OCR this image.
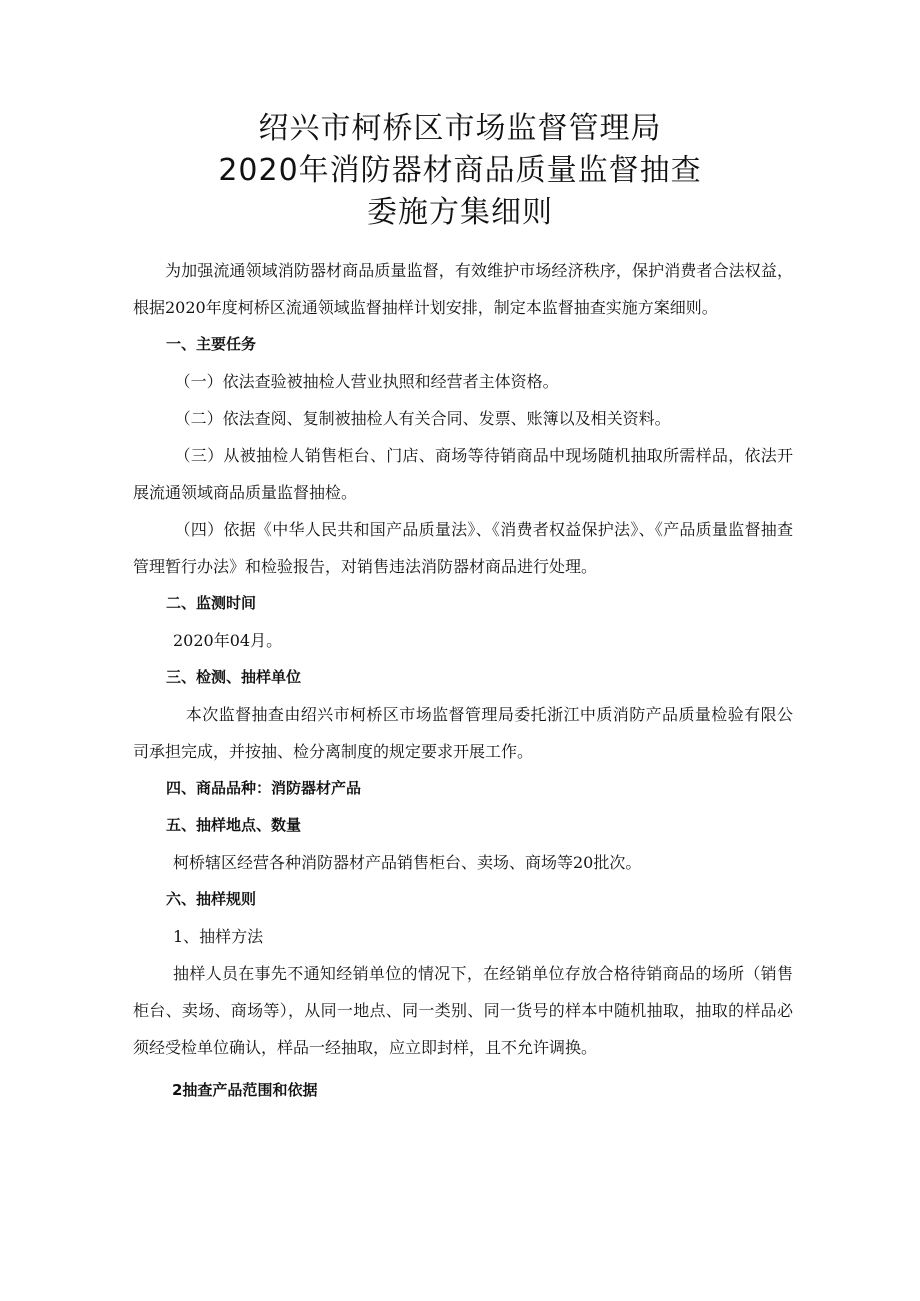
绍兴市柯桥区市场监督管理局
2020年消防器材商品质量监督抽查
委施方集细则

为加强流通领域消防器材商品质量监督，有效维护市场经济秩序，保护消费者合法权益，根据2020年度柯桥区流通领域监督抽样计划安排，制定本监督抽查实施方案细则。

一、主要任务

（一）依法查验被抽检人营业执照和经营者主体资格。

（二）依法查阅、复制被抽检人有关合同、发票、账簿以及相关资料。

（三）从被抽检人销售柜台、门店、商场等待销商品中现场随机抽取所需样品，依法开展流通领域商品质量监督抽检。

（四）依据《中华人民共和国产品质量法》、《消费者权益保护法》、《产品质量监督抽查管理暂行办法》和检验报告，对销售违法消防器材商品进行处理。

二、监测时间

2020年04月。

三、检测、抽样单位

本次监督抽查由绍兴市柯桥区市场监督管理局委托浙江中质消防产品质量检验有限公司承担完成，并按抽、检分离制度的规定要求开展工作。

四、商品品种：消防器材产品

五、抽样地点、数量

柯桥辖区经营各种消防器材产品销售柜台、卖场、商场等20批次。

六、抽样规则

1、抽样方法

抽样人员在事先不通知经销单位的情况下，在经销单位存放合格待销商品的场所（销售柜台、卖场、商场等），从同一地点、同一类别、同一货号的样本中随机抽取，抽取的样品必须经受检单位确认，样品一经抽取，应立即封样，且不允许调换。

2抽查产品范围和依据
